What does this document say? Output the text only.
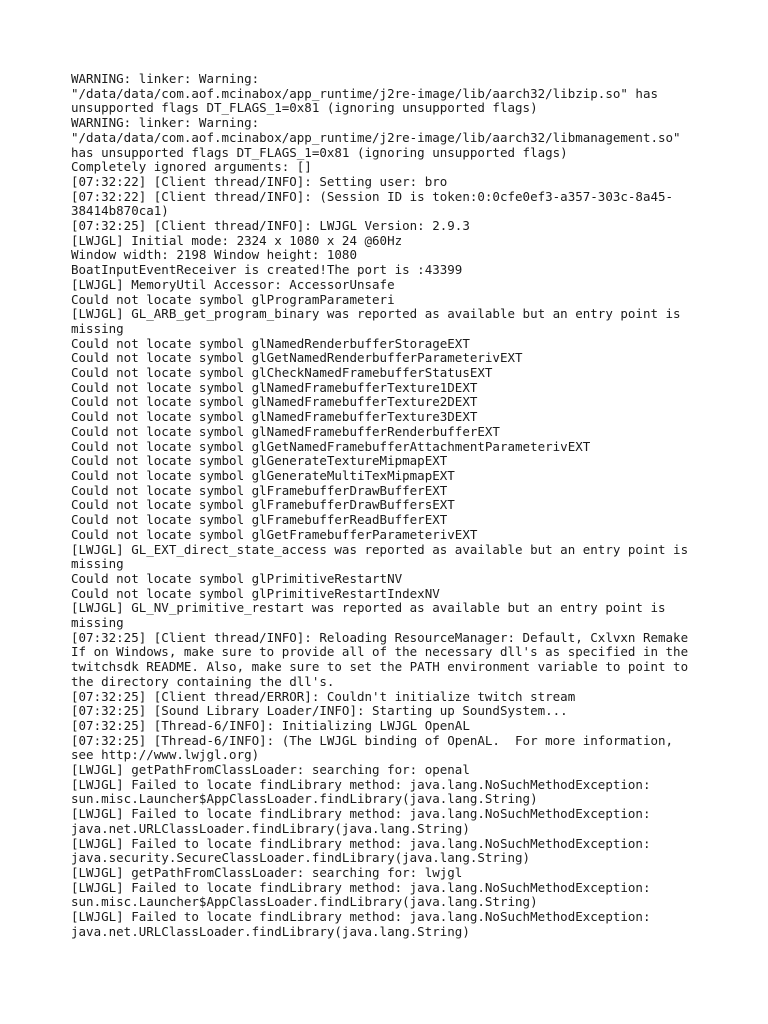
WARNING: linker: Warning:
"/data/data/com.aof.mcinabox/app_runtime/j2re-image/lib/aarch32/libzip.so" has
unsupported flags DT_FLAGS_1=0x81 (ignoring unsupported flags)
WARNING: linker: Warning:
"/data/data/com.aof.mcinabox/app_runtime/j2re-image/lib/aarch32/libmanagement.so"
has unsupported flags DT_FLAGS_1=0x81 (ignoring unsupported flags)
Completely ignored arguments: []
[07:32:22] [Client thread/INFO]: Setting user: bro
[07:32:22] [Client thread/INFO]: (Session ID is token:0:0cfe0ef3-a357-303c-8a45-
38414b870ca1)
[07:32:25] [Client thread/INFO]: LWJGL Version: 2.9.3
[LWJGL] Initial mode: 2324 x 1080 x 24 @60Hz
Window width: 2198 Window height: 1080
BoatInputEventReceiver is created!The port is :43399
[LWJGL] MemoryUtil Accessor: AccessorUnsafe
Could not locate symbol glProgramParameteri
[LWJGL] GL_ARB_get_program_binary was reported as available but an entry point is
missing
Could not locate symbol glNamedRenderbufferStorageEXT
Could not locate symbol glGetNamedRenderbufferParameterivEXT
Could not locate symbol glCheckNamedFramebufferStatusEXT
Could not locate symbol glNamedFramebufferTexture1DEXT
Could not locate symbol glNamedFramebufferTexture2DEXT
Could not locate symbol glNamedFramebufferTexture3DEXT
Could not locate symbol glNamedFramebufferRenderbufferEXT
Could not locate symbol glGetNamedFramebufferAttachmentParameterivEXT
Could not locate symbol glGenerateTextureMipmapEXT
Could not locate symbol glGenerateMultiTexMipmapEXT
Could not locate symbol glFramebufferDrawBufferEXT
Could not locate symbol glFramebufferDrawBuffersEXT
Could not locate symbol glFramebufferReadBufferEXT
Could not locate symbol glGetFramebufferParameterivEXT
[LWJGL] GL_EXT_direct_state_access was reported as available but an entry point is
missing
Could not locate symbol glPrimitiveRestartNV
Could not locate symbol glPrimitiveRestartIndexNV
[LWJGL] GL_NV_primitive_restart was reported as available but an entry point is
missing
[07:32:25] [Client thread/INFO]: Reloading ResourceManager: Default, Cxlvxn Remake
If on Windows, make sure to provide all of the necessary dll's as specified in the
twitchsdk README. Also, make sure to set the PATH environment variable to point to
the directory containing the dll's.
[07:32:25] [Client thread/ERROR]: Couldn't initialize twitch stream
[07:32:25] [Sound Library Loader/INFO]: Starting up SoundSystem...
[07:32:25] [Thread-6/INFO]: Initializing LWJGL OpenAL
[07:32:25] [Thread-6/INFO]: (The LWJGL binding of OpenAL.  For more information,
see http://www.lwjgl.org)
[LWJGL] getPathFromClassLoader: searching for: openal
[LWJGL] Failed to locate findLibrary method: java.lang.NoSuchMethodException:
sun.misc.Launcher$AppClassLoader.findLibrary(java.lang.String)
[LWJGL] Failed to locate findLibrary method: java.lang.NoSuchMethodException:
java.net.URLClassLoader.findLibrary(java.lang.String)
[LWJGL] Failed to locate findLibrary method: java.lang.NoSuchMethodException:
java.security.SecureClassLoader.findLibrary(java.lang.String)
[LWJGL] getPathFromClassLoader: searching for: lwjgl
[LWJGL] Failed to locate findLibrary method: java.lang.NoSuchMethodException:
sun.misc.Launcher$AppClassLoader.findLibrary(java.lang.String)
[LWJGL] Failed to locate findLibrary method: java.lang.NoSuchMethodException:
java.net.URLClassLoader.findLibrary(java.lang.String)
